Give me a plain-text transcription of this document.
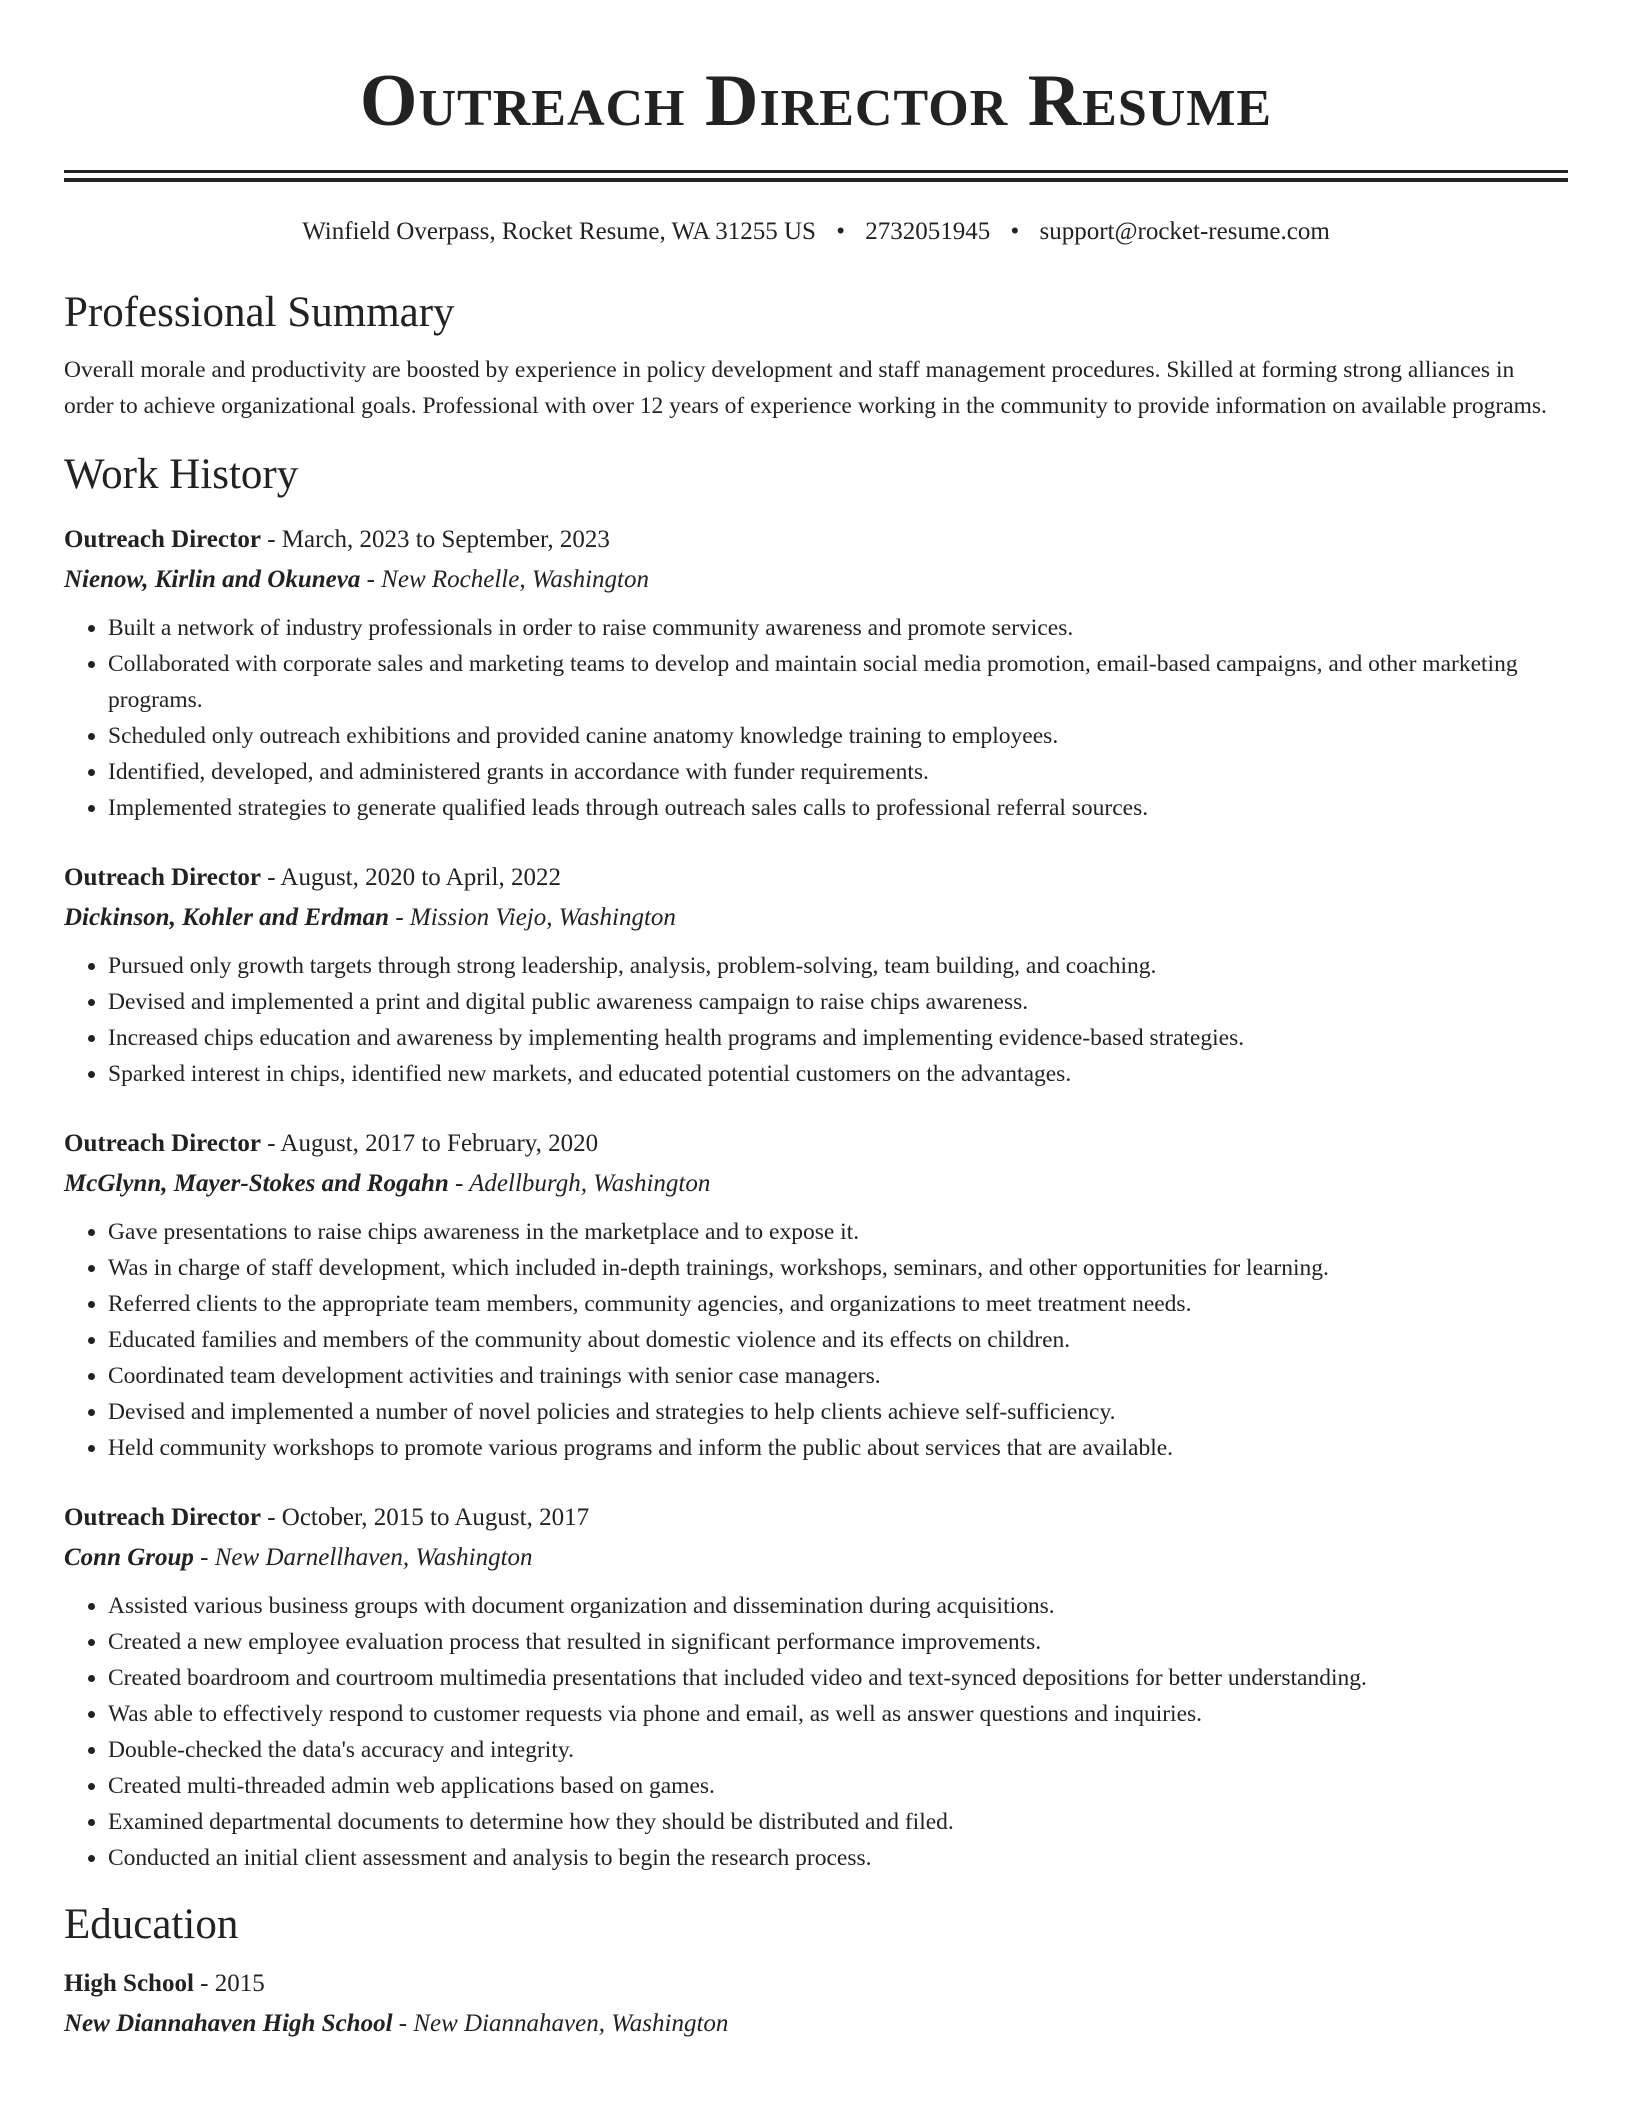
Outreach Director Resume
Winfield Overpass, Rocket Resume, WA 31255 US • 2732051945 • support@rocket-resume.com
Professional Summary

Overall morale and productivity are boosted by experience in policy development and staff management procedures. Skilled at forming strong alliances in order to achieve organizational goals. Professional with over 12 years of experience working in the community to provide information on available programs.

Work History
Outreach Director - March, 2023 to September, 2023
Nienow, Kirlin and Okuneva - New Rochelle, Washington
• Built a network of industry professionals in order to raise community awareness and promote services.
• Collaborated with corporate sales and marketing teams to develop and maintain social media promotion, email-based campaigns, and other marketing programs.
• Scheduled only outreach exhibitions and provided canine anatomy knowledge training to employees.
• Identified, developed, and administered grants in accordance with funder requirements.
• Implemented strategies to generate qualified leads through outreach sales calls to professional referral sources.
Outreach Director - August, 2020 to April, 2022
Dickinson, Kohler and Erdman - Mission Viejo, Washington
• Pursued only growth targets through strong leadership, analysis, problem-solving, team building, and coaching.
• Devised and implemented a print and digital public awareness campaign to raise chips awareness.
• Increased chips education and awareness by implementing health programs and implementing evidence-based strategies.
• Sparked interest in chips, identified new markets, and educated potential customers on the advantages.
Outreach Director - August, 2017 to February, 2020
McGlynn, Mayer-Stokes and Rogahn - Adellburgh, Washington
• Gave presentations to raise chips awareness in the marketplace and to expose it.
• Was in charge of staff development, which included in-depth trainings, workshops, seminars, and other opportunities for learning.
• Referred clients to the appropriate team members, community agencies, and organizations to meet treatment needs.
• Educated families and members of the community about domestic violence and its effects on children.
• Coordinated team development activities and trainings with senior case managers.
• Devised and implemented a number of novel policies and strategies to help clients achieve self-sufficiency.
• Held community workshops to promote various programs and inform the public about services that are available.
Outreach Director - October, 2015 to August, 2017
Conn Group - New Darnellhaven, Washington
• Assisted various business groups with document organization and dissemination during acquisitions.
• Created a new employee evaluation process that resulted in significant performance improvements.
• Created boardroom and courtroom multimedia presentations that included video and text-synced depositions for better understanding.
• Was able to effectively respond to customer requests via phone and email, as well as answer questions and inquiries.
• Double-checked the data's accuracy and integrity.
• Created multi-threaded admin web applications based on games.
• Examined departmental documents to determine how they should be distributed and filed.
• Conducted an initial client assessment and analysis to begin the research process.
Education
High School - 2015
New Diannahaven High School - New Diannahaven, Washington
